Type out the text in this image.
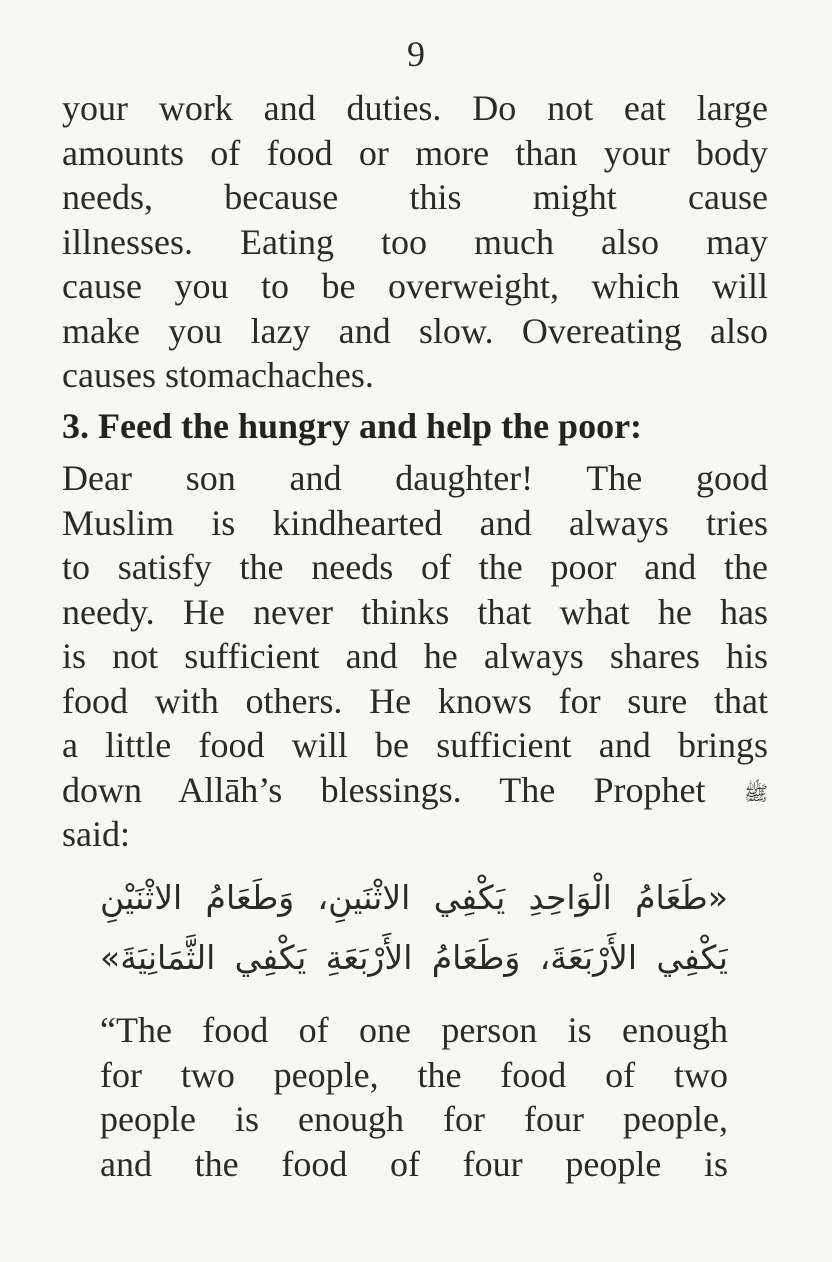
9
your work and duties. Do not eat large
amounts of food or more than your body
needs, because this might cause
illnesses. Eating too much also may
cause you to be overweight, which will
make you lazy and slow. Overeating also
causes stomachaches.
3. Feed the hungry and help the poor:
Dear son and daughter! The good
Muslim is kindhearted and always tries
to satisfy the needs of the poor and the
needy. He never thinks that what he has
is not sufficient and he always shares his
food with others. He knows for sure that
a little food will be sufficient and brings
down Allāh’s blessings. The Prophet ﷺ
said:
«طَعَامُ الْوَاحِدِ يَكْفِي الاثْنَينِ، وَطَعَامُ الاثْنَيْنِ
يَكْفِي الأَرْبَعَةَ، وَطَعَامُ الأَرْبَعَةِ يَكْفِي الثَّمَانِيَةَ»
“The food of one person is enough
for two people, the food of two
people is enough for four people,
and the food of four people is
